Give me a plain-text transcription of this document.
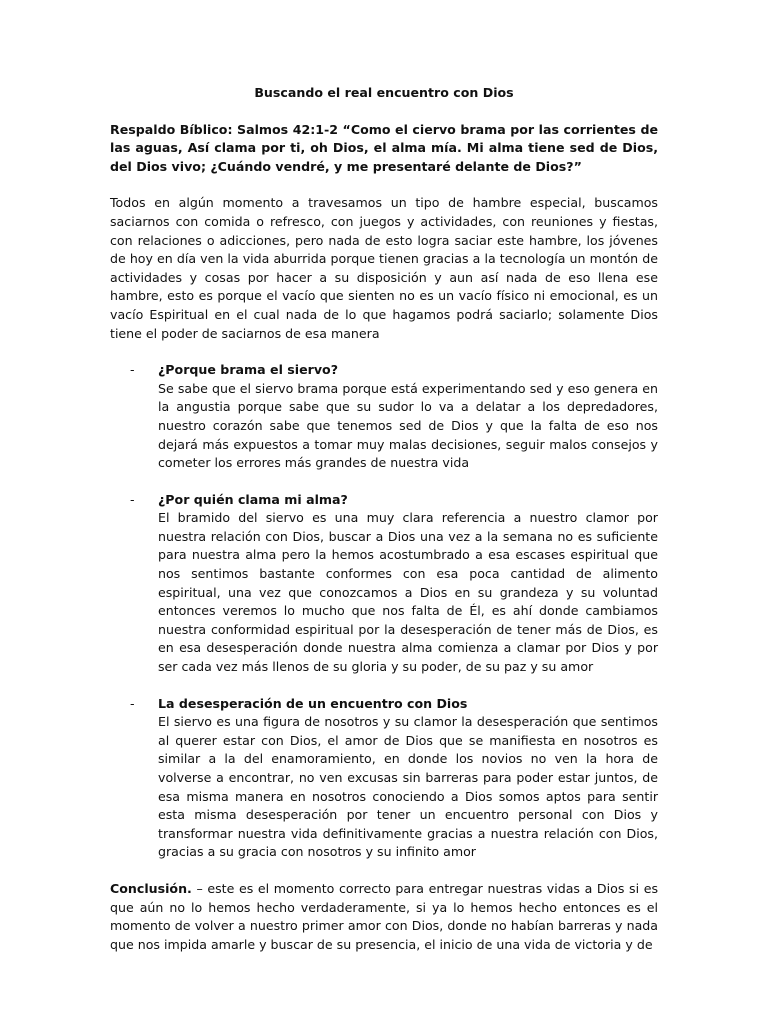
Buscando el real encuentro con Dios
Respaldo Bíblico: Salmos 42:1-2 “Como el ciervo brama por las corrientes de las aguas, Así clama por ti, oh Dios, el alma mía. Mi alma tiene sed de Dios, del Dios vivo; ¿Cuándo vendré, y me presentaré delante de Dios?”
Todos en algún momento a travesamos un tipo de hambre especial, buscamos saciarnos con comida o refresco, con juegos y actividades, con reuniones y fiestas, con relaciones o adicciones, pero nada de esto logra saciar este hambre, los jóvenes de hoy en día ven la vida aburrida porque tienen gracias a la tecnología un montón de actividades y cosas por hacer a su disposición y aun así nada de eso llena ese hambre, esto es porque el vacío que sienten no es un vacío físico ni emocional, es un vacío Espiritual en el cual nada de lo que hagamos podrá saciarlo; solamente Dios tiene el poder de saciarnos de esa manera
- ¿Porque brama el siervo?
Se sabe que el siervo brama porque está experimentando sed y eso genera en la angustia porque sabe que su sudor lo va a delatar a los depredadores, nuestro corazón sabe que tenemos sed de Dios y que la falta de eso nos dejará más expuestos a tomar muy malas decisiones, seguir malos consejos y cometer los errores más grandes de nuestra vida
- ¿Por quién clama mi alma?
El bramido del siervo es una muy clara referencia a nuestro clamor por nuestra relación con Dios, buscar a Dios una vez a la semana no es suficiente para nuestra alma pero la hemos acostumbrado a esa escases espiritual que nos sentimos bastante conformes con esa poca cantidad de alimento espiritual, una vez que conozcamos a Dios en su grandeza y su voluntad entonces veremos lo mucho que nos falta de Él, es ahí donde cambiamos nuestra conformidad espiritual por la desesperación de tener más de Dios, es en esa desesperación donde nuestra alma comienza a clamar por Dios y por ser cada vez más llenos de su gloria y su poder, de su paz y su amor
- La desesperación de un encuentro con Dios
El siervo es una figura de nosotros y su clamor la desesperación que sentimos al querer estar con Dios, el amor de Dios que se manifiesta en nosotros es similar a la del enamoramiento, en donde los novios no ven la hora de volverse a encontrar, no ven excusas sin barreras para poder estar juntos, de esa misma manera en nosotros conociendo a Dios somos aptos para sentir esta misma desesperación por tener un encuentro personal con Dios y transformar nuestra vida definitivamente gracias a nuestra relación con Dios, gracias a su gracia con nosotros y su infinito amor
Conclusión. – este es el momento correcto para entregar nuestras vidas a Dios si es que aún no lo hemos hecho verdaderamente, si ya lo hemos hecho entonces es el momento de volver a nuestro primer amor con Dios, donde no habían barreras y nada que nos impida amarle y buscar de su presencia, el inicio de una vida de victoria y de
